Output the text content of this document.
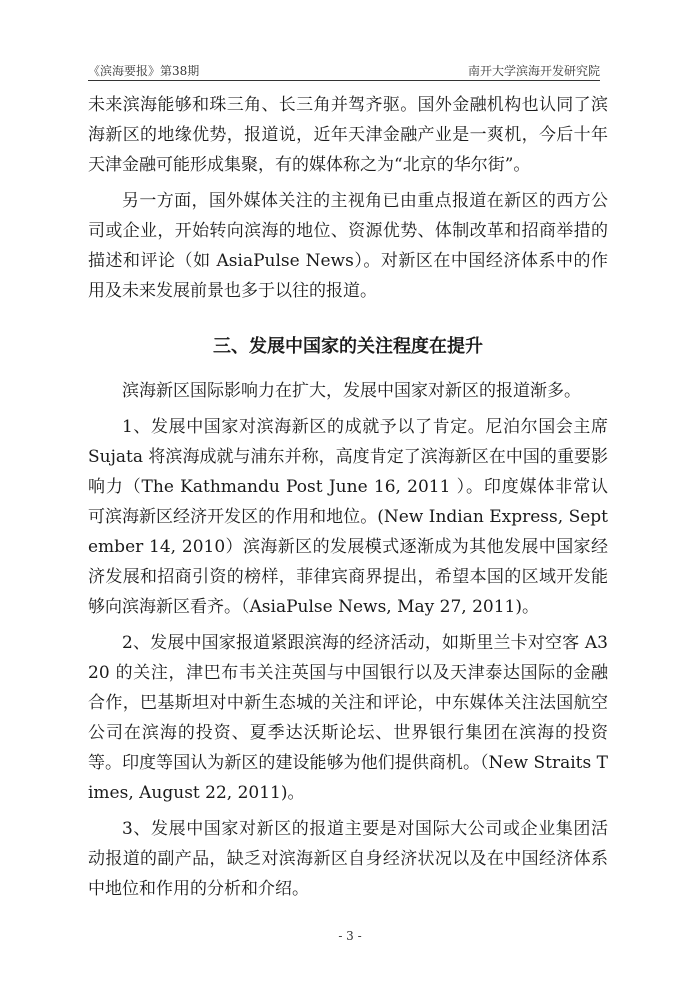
《滨海要报》第38期	南开大学滨海开发研究院

未来滨海能够和珠三角、长三角并驾齐驱。国外金融机构也认同了滨海新区的地缘优势，报道说，近年天津金融产业是一爽机，今后十年天津金融可能形成集聚，有的媒体称之为“北京的华尔街”。

另一方面，国外媒体关注的主视角已由重点报道在新区的西方公司或企业，开始转向滨海的地位、资源优势、体制改革和招商举措的描述和评论（如 AsiaPulse News）。对新区在中国经济体系中的作用及未来发展前景也多于以往的报道。

三、发展中国家的关注程度在提升

滨海新区国际影响力在扩大，发展中国家对新区的报道渐多。

1、发展中国家对滨海新区的成就予以了肯定。尼泊尔国会主席 Sujata 将滨海成就与浦东并称，高度肯定了滨海新区在中国的重要影响力（The Kathmandu Post June 16, 2011 ）。印度媒体非常认可滨海新区经济开发区的作用和地位。(New Indian Express, September 14, 2010）滨海新区的发展模式逐渐成为其他发展中国家经济发展和招商引资的榜样，菲律宾商界提出，希望本国的区域开发能够向滨海新区看齐。（AsiaPulse News, May 27, 2011)。

2、发展中国家报道紧跟滨海的经济活动，如斯里兰卡对空客 A320 的关注，津巴布韦关注英国与中国银行以及天津泰达国际的金融合作，巴基斯坦对中新生态城的关注和评论，中东媒体关注法国航空公司在滨海的投资、夏季达沃斯论坛、世界银行集团在滨海的投资等。印度等国认为新区的建设能够为他们提供商机。（New Straits Times, August 22, 2011)。

3、发展中国家对新区的报道主要是对国际大公司或企业集团活动报道的副产品，缺乏对滨海新区自身经济状况以及在中国经济体系中地位和作用的分析和介绍。

- 3 -
